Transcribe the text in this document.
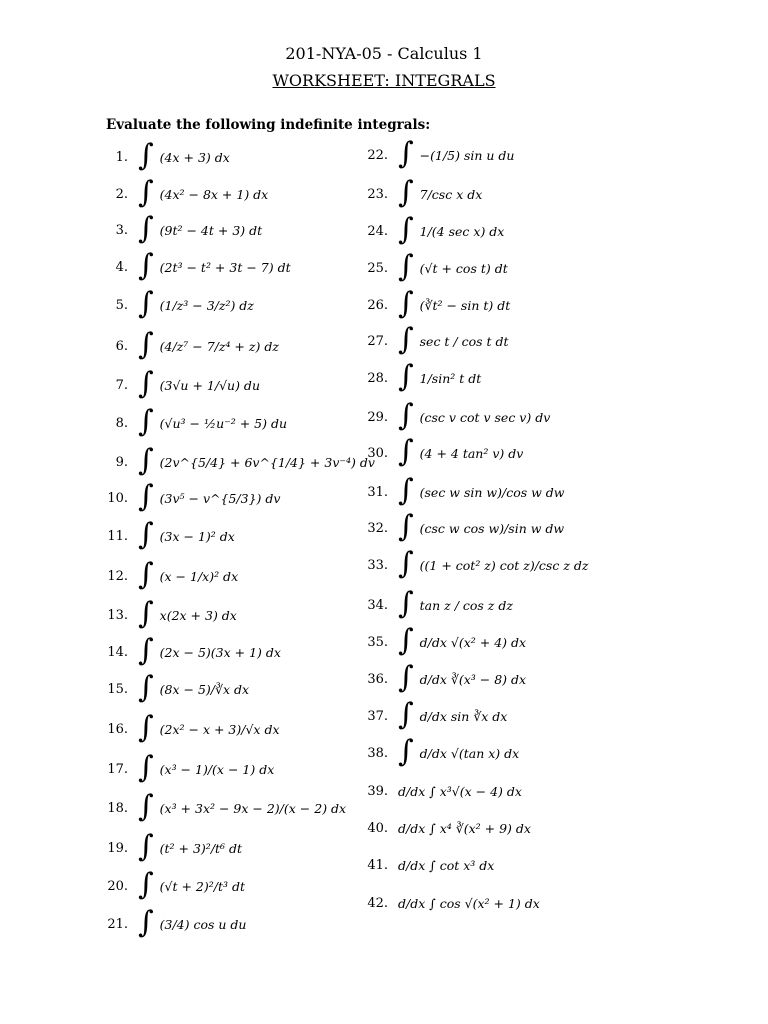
201-NYA-05 - Calculus 1
WORKSHEET: INTEGRALS
Evaluate the following indefinite integrals:
1. ∫ (4x + 3) dx
2. ∫ (4x² − 8x + 1) dx
3. ∫ (9t² − 4t + 3) dt
4. ∫ (2t³ − t² + 3t − 7) dt
5. ∫ (1/z³ − 3/z²) dz
6. ∫ (4/z⁷ − 7/z⁴ + z) dz
7. ∫ (3√u + 1/√u) du
8. ∫ (√u³ − ½u⁻² + 5) du
9. ∫ (2v^{5/4} + 6v^{1/4} + 3v⁻⁴) dv
10. ∫ (3v⁵ − v^{5/3}) dv
11. ∫ (3x − 1)² dx
12. ∫ (x − 1/x)² dx
13. ∫ x(2x + 3) dx
14. ∫ (2x − 5)(3x + 1) dx
15. ∫ (8x − 5)/∛x dx
16. ∫ (2x² − x + 3)/√x dx
17. ∫ (x³ − 1)/(x − 1) dx
18. ∫ (x³ + 3x² − 9x − 2)/(x − 2) dx
19. ∫ (t² + 3)²/t⁶ dt
20. ∫ (√t + 2)²/t³ dt
21. ∫ (3/4) cos u du
22. ∫ −(1/5) sin u du
23. ∫ 7/csc x dx
24. ∫ 1/(4 sec x) dx
25. ∫ (√t + cos t) dt
26. ∫ (∛t² − sin t) dt
27. ∫ sec t / cos t dt
28. ∫ 1/sin² t dt
29. ∫ (csc v cot v sec v) dv
30. ∫ (4 + 4 tan² v) dv
31. ∫ (sec w sin w)/cos w dw
32. ∫ (csc w cos w)/sin w dw
33. ∫ ((1 + cot² z) cot z)/csc z dz
34. ∫ tan z / cos z dz
35. ∫ d/dx √(x² + 4) dx
36. ∫ d/dx ∛(x³ − 8) dx
37. ∫ d/dx sin ∛x dx
38. ∫ d/dx √(tan x) dx
39. d/dx ∫ x³√(x − 4) dx
40. d/dx ∫ x⁴ ∛(x² + 9) dx
41. d/dx ∫ cot x³ dx
42. d/dx ∫ cos √(x² + 1) dx
